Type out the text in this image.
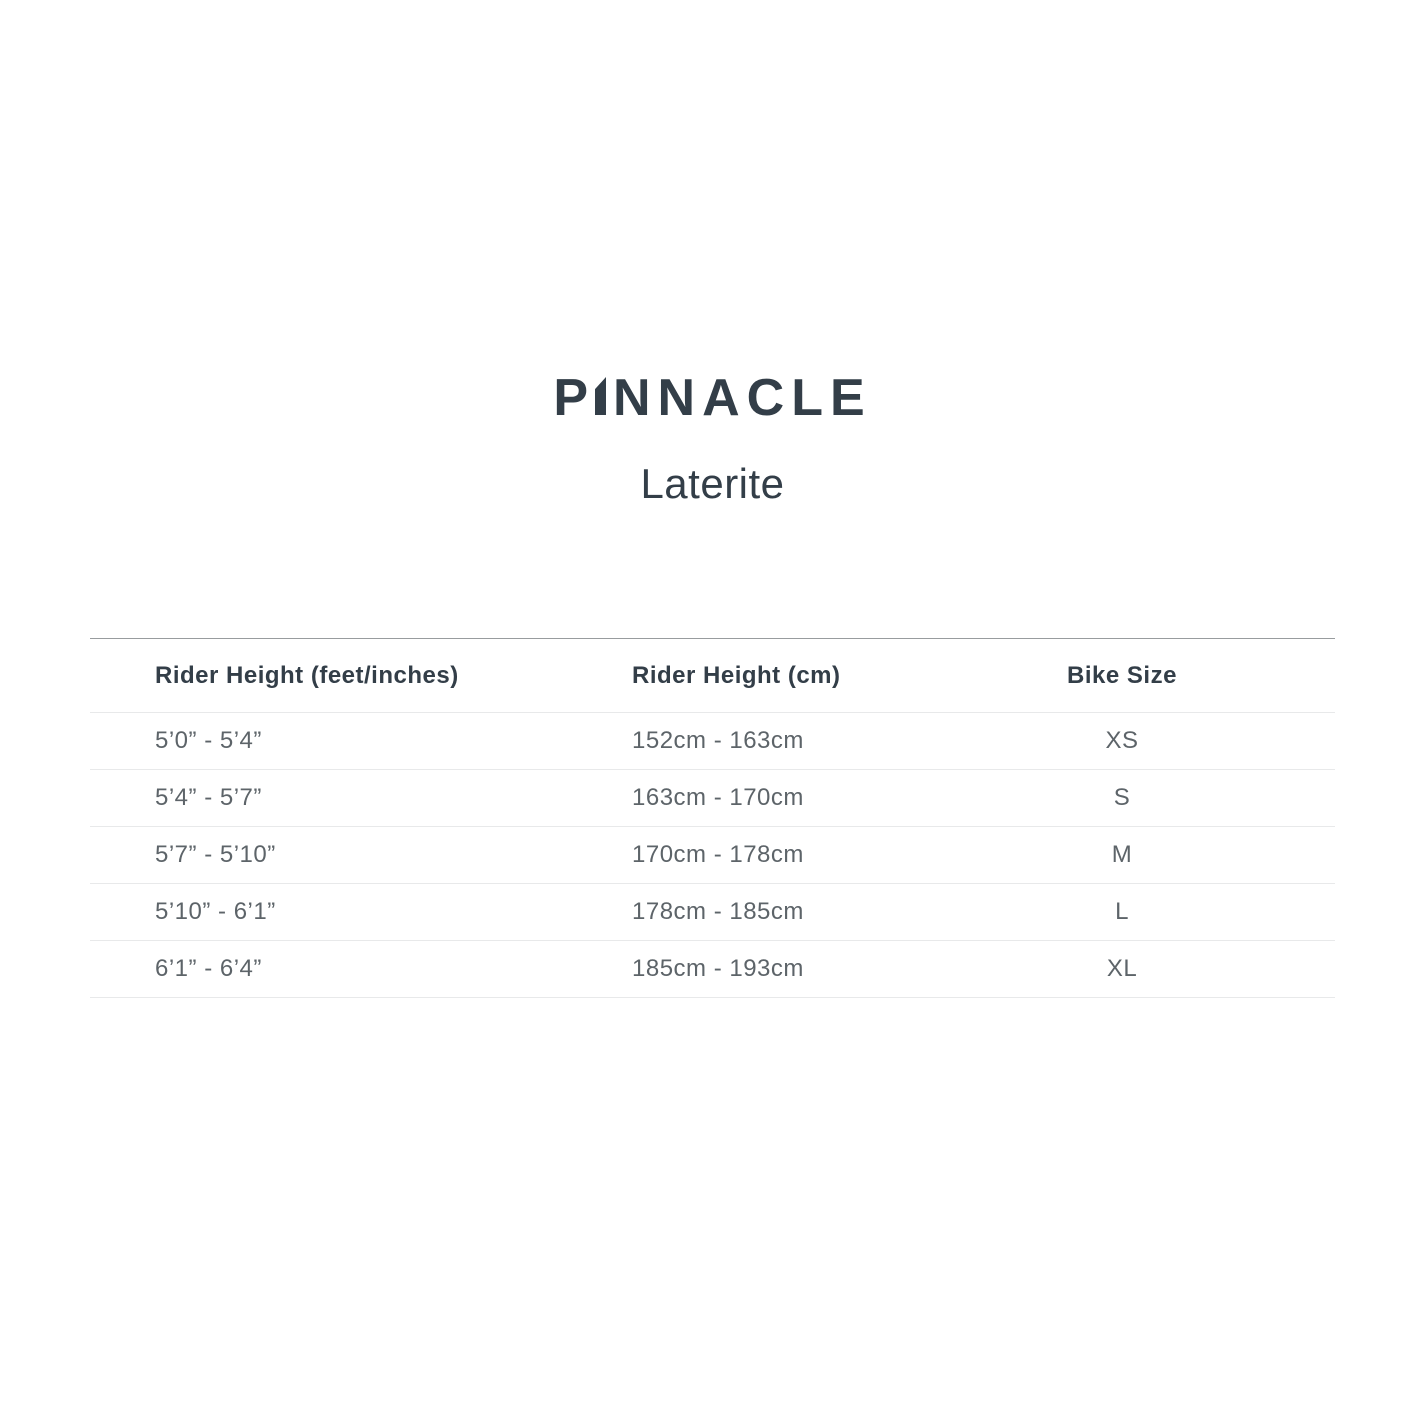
P NNACLE
Laterite
Rider Height (feet/inches)	Rider Height (cm)	Bike Size
5’0” - 5’4”	152cm - 163cm	XS
5’4” - 5’7”	163cm - 170cm	S
5’7” - 5’10”	170cm - 178cm	M
5’10” - 6’1”	178cm - 185cm	L
6’1” - 6’4”	185cm - 193cm	XL
